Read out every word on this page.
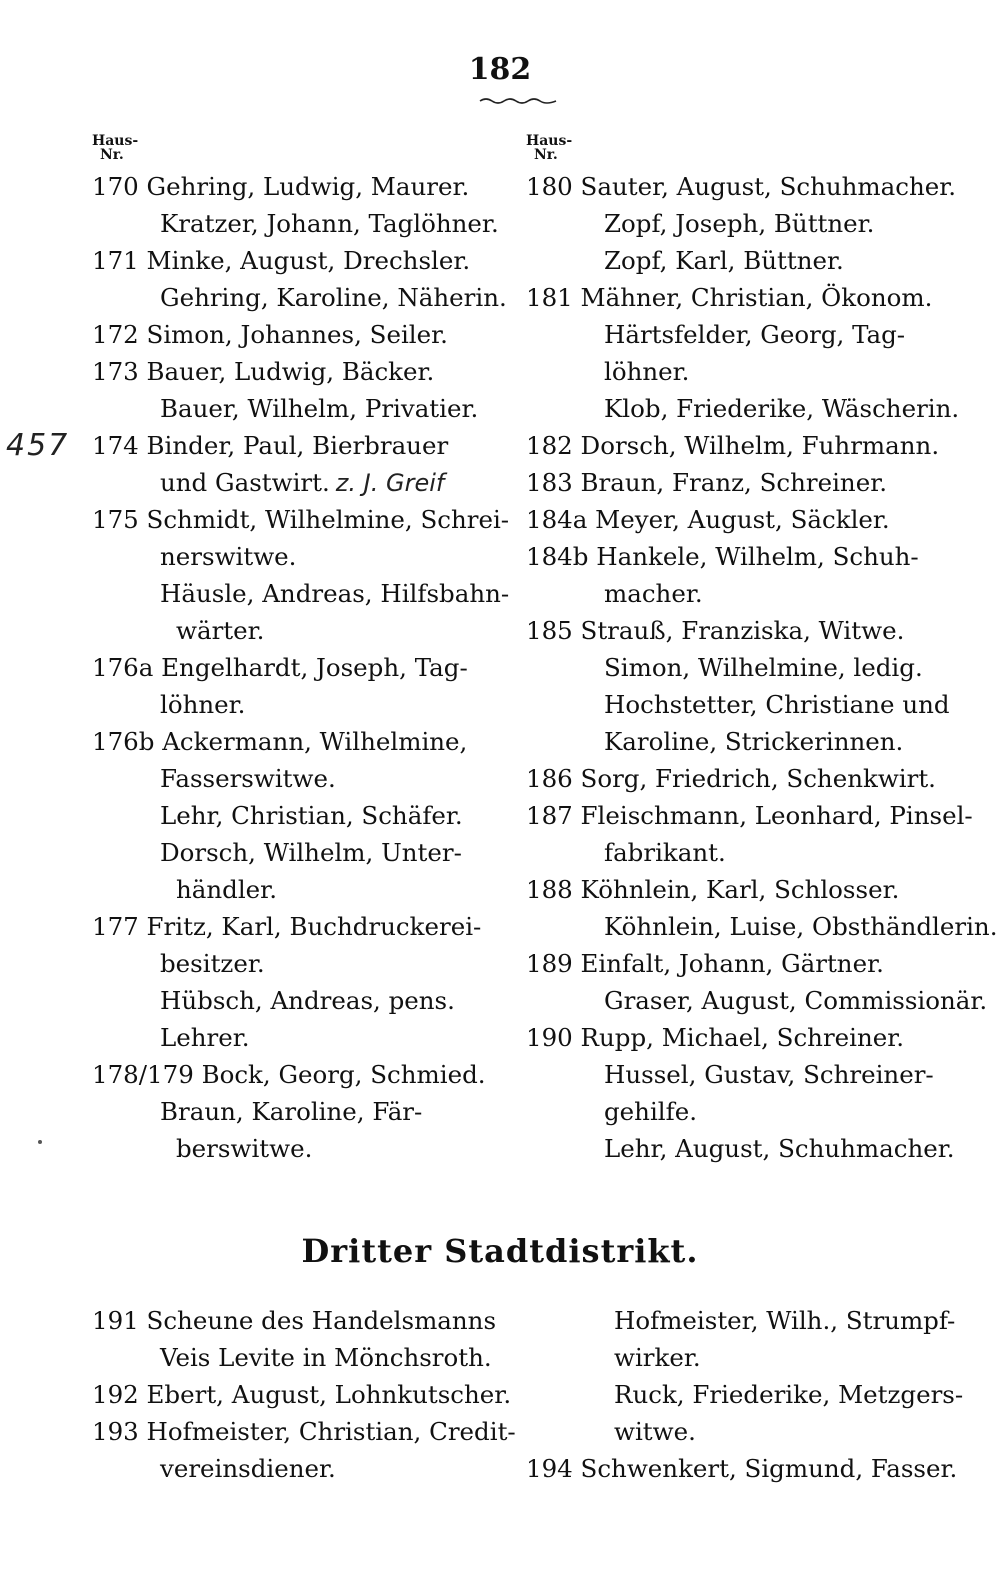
182
457
Haus-
Nr.
170 Gehring, Ludwig, Maurer.
Kratzer, Johann, Taglöhner.
171 Minke, August, Drechsler.
Gehring, Karoline, Näherin.
172 Simon, Johannes, Seiler.
173 Bauer, Ludwig, Bäcker.
Bauer, Wilhelm, Privatier.
174 Binder, Paul, Bierbrauer
und Gastwirt. z. J. Greif
175 Schmidt, Wilhelmine, Schrei-
nerswitwe.
Häusle, Andreas, Hilfsbahn-
wärter.
176a Engelhardt, Joseph, Tag-
löhner.
176b Ackermann, Wilhelmine,
Fasserswitwe.
Lehr, Christian, Schäfer.
Dorsch, Wilhelm, Unter-
händler.
177 Fritz, Karl, Buchdruckerei-
besitzer.
Hübsch, Andreas, pens.
Lehrer.
178/179 Bock, Georg, Schmied.
Braun, Karoline, Fär-
berswitwe.
Haus-
Nr.
180 Sauter, August, Schuhmacher.
Zopf, Joseph, Büttner.
Zopf, Karl, Büttner.
181 Mähner, Christian, Ökonom.
Härtsfelder, Georg, Tag-
löhner.
Klob, Friederike, Wäscherin.
182 Dorsch, Wilhelm, Fuhrmann.
183 Braun, Franz, Schreiner.
184a Meyer, August, Säckler.
184b Hankele, Wilhelm, Schuh-
macher.
185 Strauß, Franziska, Witwe.
Simon, Wilhelmine, ledig.
Hochstetter, Christiane und
Karoline, Strickerinnen.
186 Sorg, Friedrich, Schenkwirt.
187 Fleischmann, Leonhard, Pinsel-
fabrikant.
188 Köhnlein, Karl, Schlosser.
Köhnlein, Luise, Obsthändlerin.
189 Einfalt, Johann, Gärtner.
Graser, August, Commissionär.
190 Rupp, Michael, Schreiner.
Hussel, Gustav, Schreiner-
gehilfe.
Lehr, August, Schuhmacher.
Dritter Stadtdistrikt.
191 Scheune des Handelsmanns
Veis Levite in Mönchsroth.
192 Ebert, August, Lohnkutscher.
193 Hofmeister, Christian, Credit-
vereinsdiener.
Hofmeister, Wilh., Strumpf-
wirker.
Ruck, Friederike, Metzgers-
witwe.
194 Schwenkert, Sigmund, Fasser.
